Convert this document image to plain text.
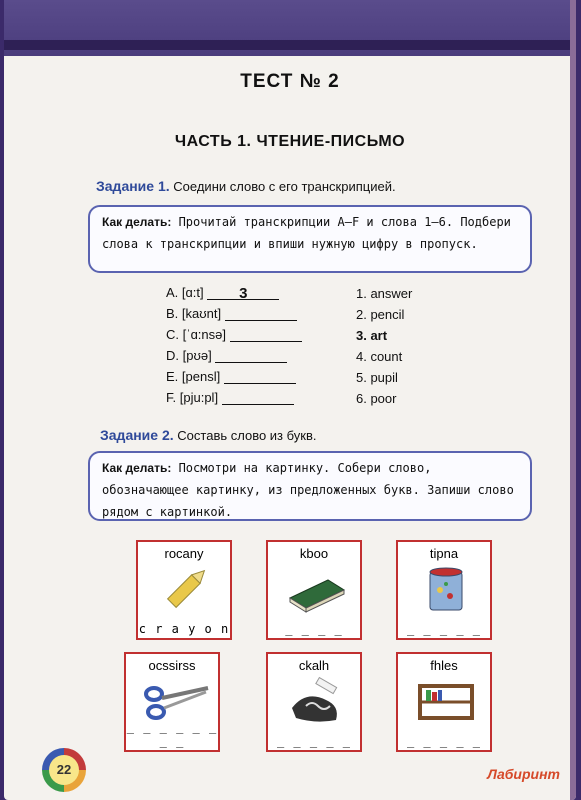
ТЕСТ № 2
ЧАСТЬ 1. ЧТЕНИЕ-ПИСЬМО
Задание 1. Соедини слово с его транскрипцией.
Как делать: Прочитай транскрипции A–F и слова 1–6. Подбери слова к транскрипции и впиши нужную цифру в пропуск.
A. [ɑ:t] 3
B. [kaʊnt]
C. [ˈɑ:nsə]
D. [pʊə]
E. [pensl]
F. [pju:pl]
1. answer
2. pencil
3. art
4. count
5. pupil
6. poor
Задание 2. Составь слово из букв.
Как делать: Посмотри на картинку. Собери слово, обозначающее картинку, из предложенных букв. Запиши слово рядом с картинкой.
rocany
c r a y o n
kboo
_ _ _ _
tipna
_ _ _ _ _
ocssirss
_ _ _ _ _ _ _ _
ckalh
_ _ _ _ _
fhles
_ _ _ _ _
22	Лабиринт
